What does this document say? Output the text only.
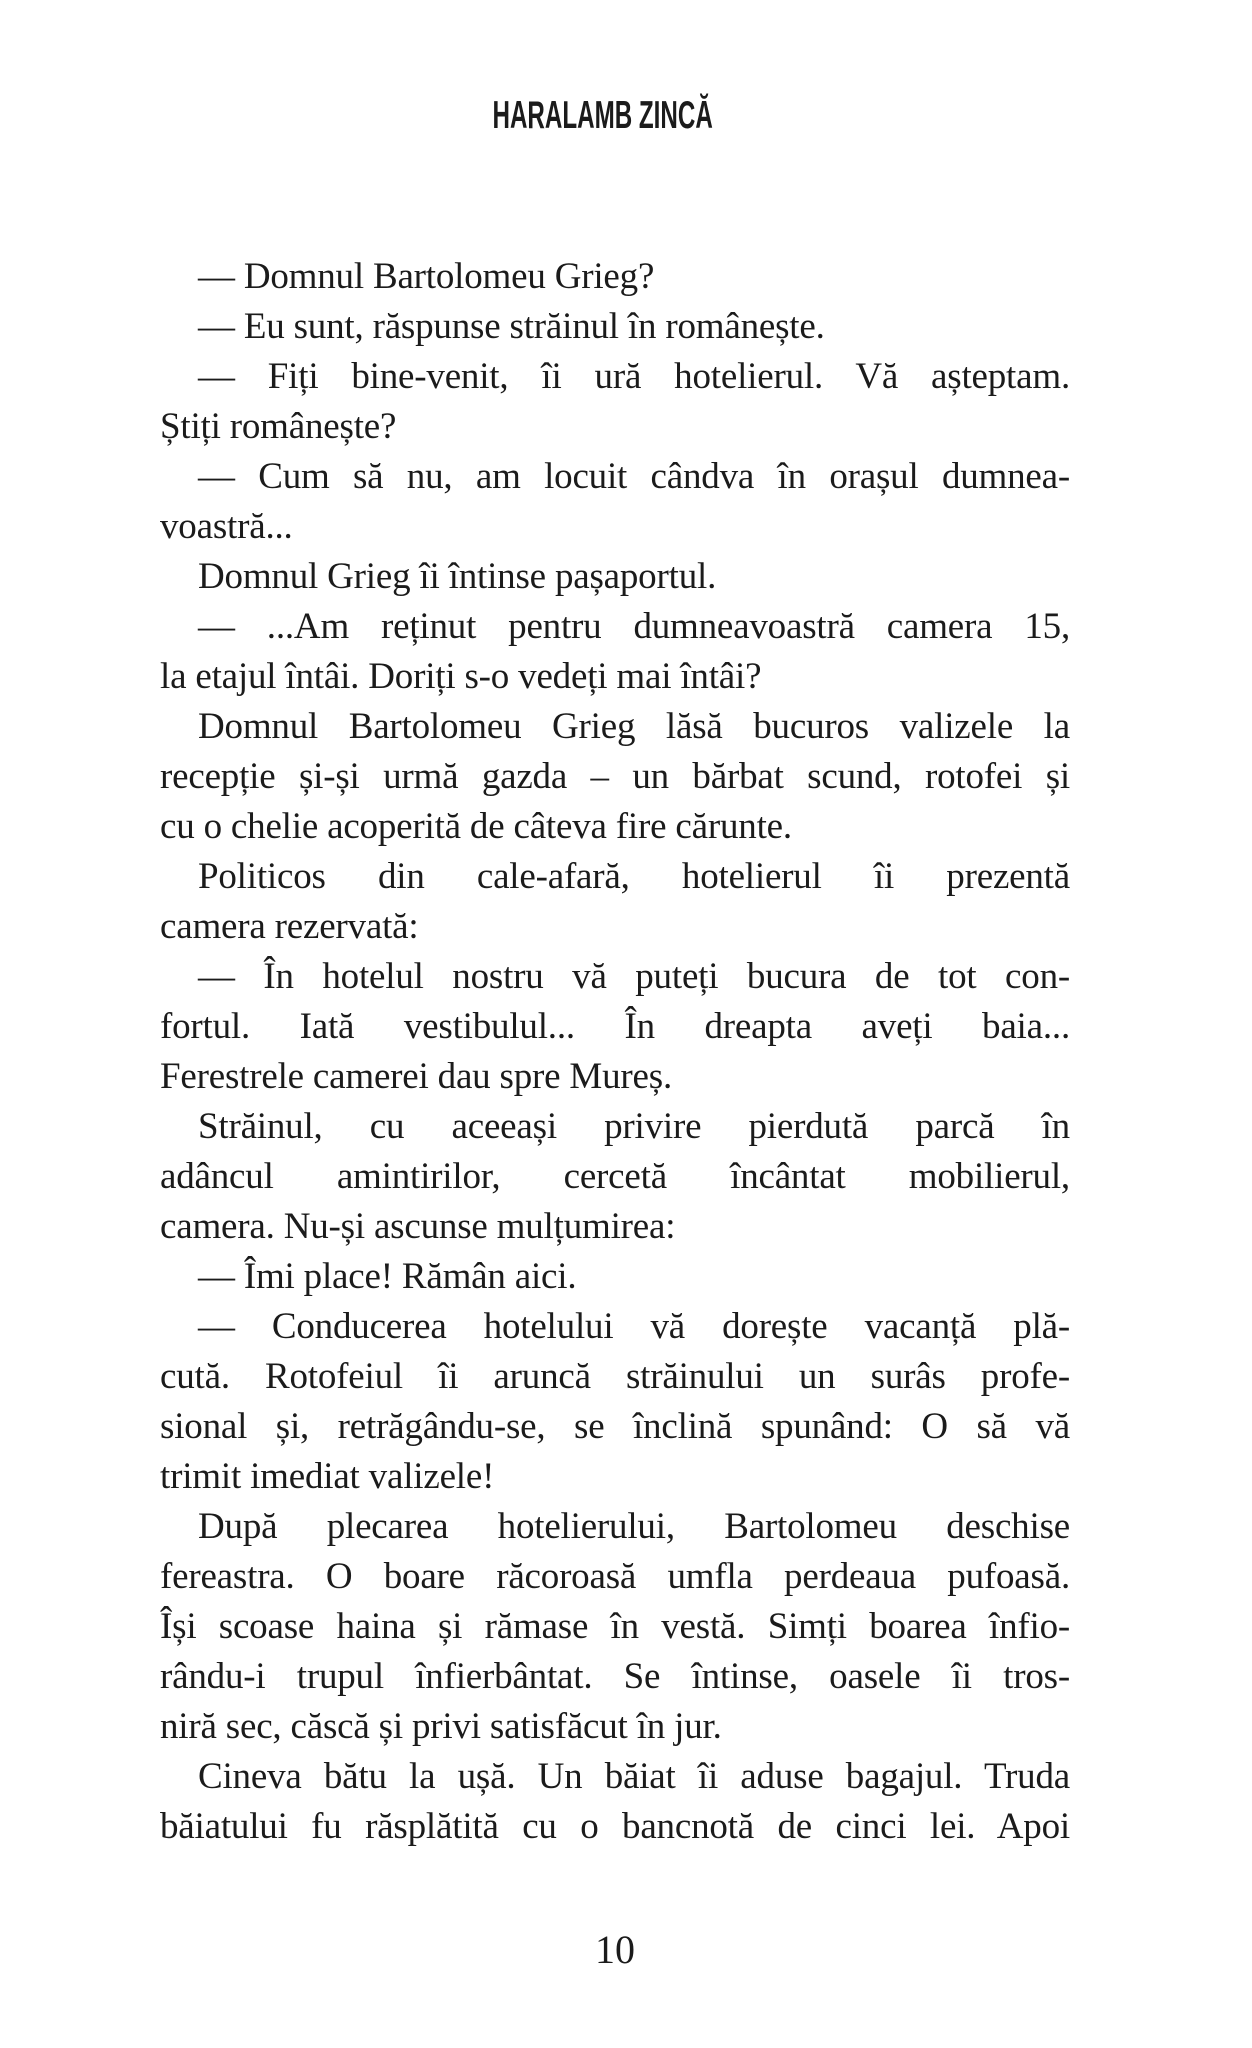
HARALAMB ZINCĂ
— Domnul Bartolomeu Grieg?
— Eu sunt, răspunse străinul în românește.
— Fiți bine-venit, îi ură hotelierul. Vă așteptam.
Știți românește?
— Cum să nu, am locuit cândva în orașul dumnea-
voastră...
Domnul Grieg îi întinse pașaportul.
— ...Am reținut pentru dumneavoastră camera 15,
la etajul întâi. Doriți s-o vedeți mai întâi?
Domnul Bartolomeu Grieg lăsă bucuros valizele la
recepție și-și urmă gazda – un bărbat scund, rotofei și
cu o chelie acoperită de câteva fire cărunte.
Politicos din cale-afară, hotelierul îi prezentă
camera rezervată:
— În hotelul nostru vă puteți bucura de tot con-
fortul. Iată vestibulul... În dreapta aveți baia...
Ferestrele camerei dau spre Mureș.
Străinul, cu aceeași privire pierdută parcă în
adâncul amintirilor, cercetă încântat mobilierul,
camera. Nu-și ascunse mulțumirea:
— Îmi place! Rămân aici.
— Conducerea hotelului vă dorește vacanță plă-
cută. Rotofeiul îi aruncă străinului un surâs profe-
sional și, retrăgându-se, se înclină spunând: O să vă
trimit imediat valizele!
După plecarea hotelierului, Bartolomeu deschise
fereastra. O boare răcoroasă umfla perdeaua pufoasă.
Își scoase haina și rămase în vestă. Simți boarea înfio-
rându-i trupul înfierbântat. Se întinse, oasele îi tros-
niră sec, căscă și privi satisfăcut în jur.
Cineva bătu la ușă. Un băiat îi aduse bagajul. Truda
băiatului fu răsplătită cu o bancnotă de cinci lei. Apoi
10
